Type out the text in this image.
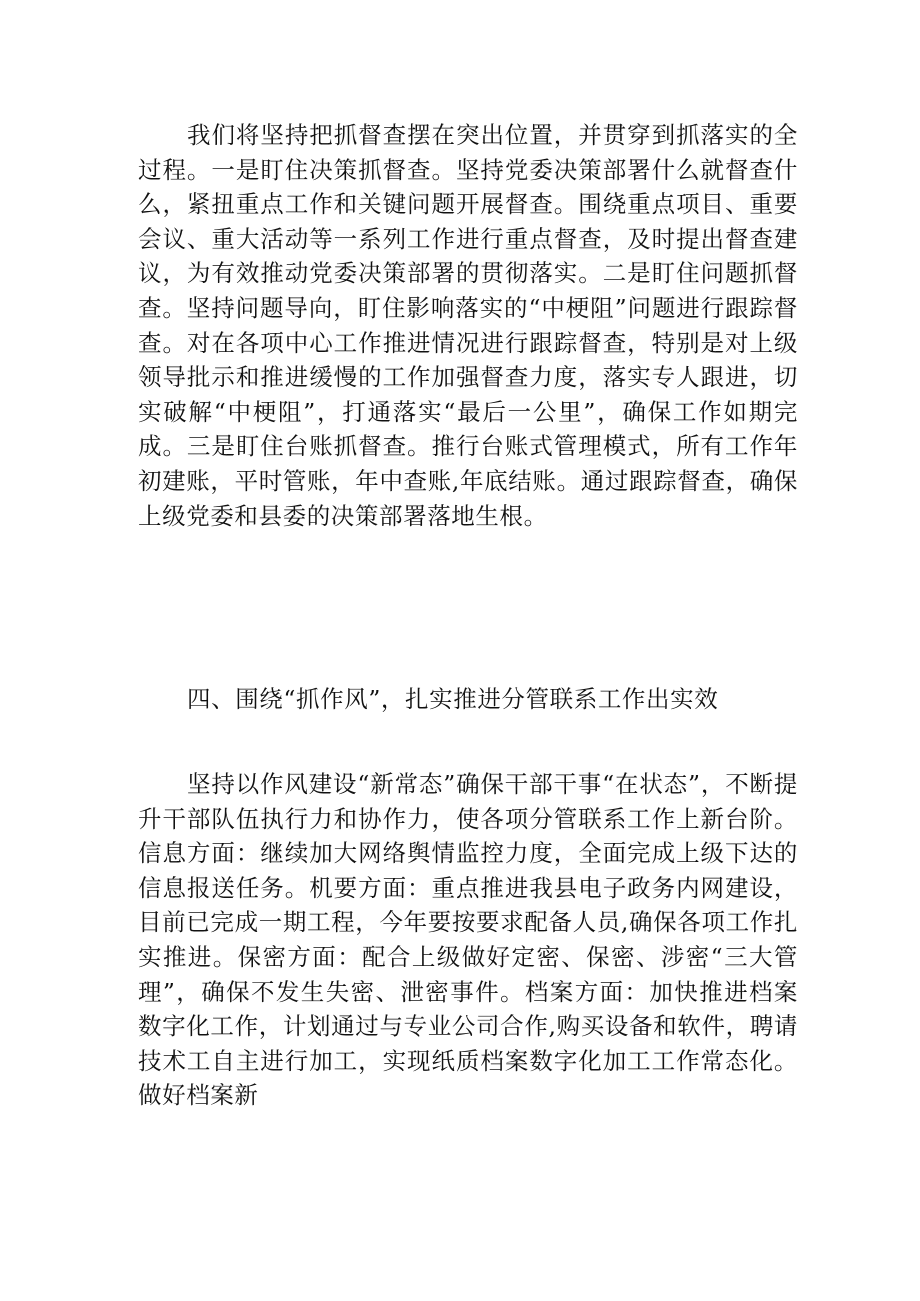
我们将坚持把抓督查摆在突出位置，并贯穿到抓落实的全过程。一是盯住决策抓督查。坚持党委决策部署什么就督查什么，紧扭重点工作和关键问题开展督查。围绕重点项目、重要会议、重大活动等一系列工作进行重点督查，及时提出督查建议，为有效推动党委决策部署的贯彻落实。二是盯住问题抓督查。坚持问题导向，盯住影响落实的“中梗阻”问题进行跟踪督查。对在各项中心工作推进情况进行跟踪督查，特别是对上级领导批示和推进缓慢的工作加强督查力度，落实专人跟进，切实破解“中梗阻”，打通落实“最后一公里”，确保工作如期完成。三是盯住台账抓督查。推行台账式管理模式，所有工作年初建账，平时管账，年中查账,年底结账。通过跟踪督查，确保上级党委和县委的决策部署落地生根。

四、围绕“抓作风”，扎实推进分管联系工作出实效

坚持以作风建设“新常态”确保干部干事“在状态”，不断提升干部队伍执行力和协作力，使各项分管联系工作上新台阶。信息方面：继续加大网络舆情监控力度，全面完成上级下达的信息报送任务。机要方面：重点推进我县电子政务内网建设，目前已完成一期工程，今年要按要求配备人员,确保各项工作扎实推进。保密方面：配合上级做好定密、保密、涉密“三大管理”，确保不发生失密、泄密事件。档案方面：加快推进档案数字化工作，计划通过与专业公司合作,购买设备和软件，聘请技术工自主进行加工，实现纸质档案数字化加工工作常态化。做好档案新
